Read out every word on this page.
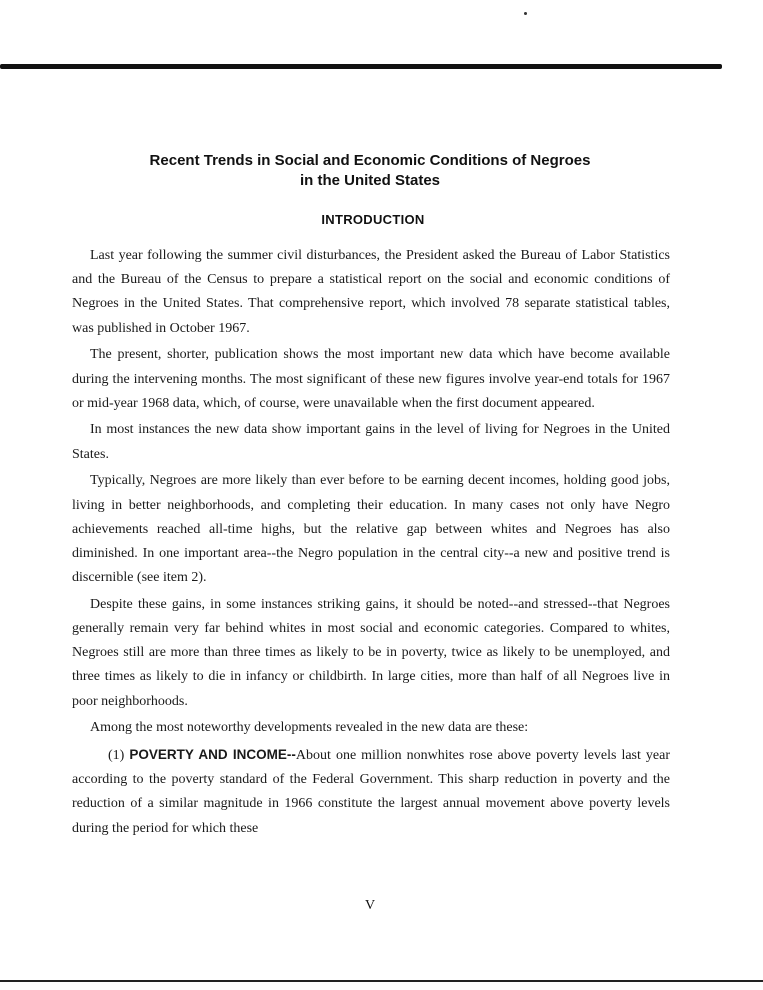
Recent Trends in Social and Economic Conditions of Negroes
in the United States
INTRODUCTION

Last year following the summer civil disturbances, the President asked the Bureau of Labor Statistics and the Bureau of the Census to prepare a statistical report on the social and economic conditions of Negroes in the United States. That comprehensive report, which involved 78 separate statistical tables, was published in October 1967.

The present, shorter, publication shows the most important new data which have become available during the intervening months. The most significant of these new figures involve year-end totals for 1967 or mid-year 1968 data, which, of course, were unavailable when the first document appeared.

In most instances the new data show important gains in the level of living for Negroes in the United States.

Typically, Negroes are more likely than ever before to be earning decent incomes, holding good jobs, living in better neighborhoods, and completing their education. In many cases not only have Negro achievements reached all-time highs, but the relative gap between whites and Negroes has also diminished. In one important area--the Negro population in the central city--a new and positive trend is discernible (see item 2).

Despite these gains, in some instances striking gains, it should be noted--and stressed--that Negroes generally remain very far behind whites in most social and economic categories. Compared to whites, Negroes still are more than three times as likely to be in poverty, twice as likely to be unemployed, and three times as likely to die in infancy or childbirth. In large cities, more than half of all Negroes live in poor neighborhoods.

Among the most noteworthy developments revealed in the new data are these:

(1) POVERTY AND INCOME--About one million nonwhites rose above poverty levels last year according to the poverty standard of the Federal Government. This sharp reduction in poverty and the reduction of a similar magnitude in 1966 constitute the largest annual movement above poverty levels during the period for which these

V
